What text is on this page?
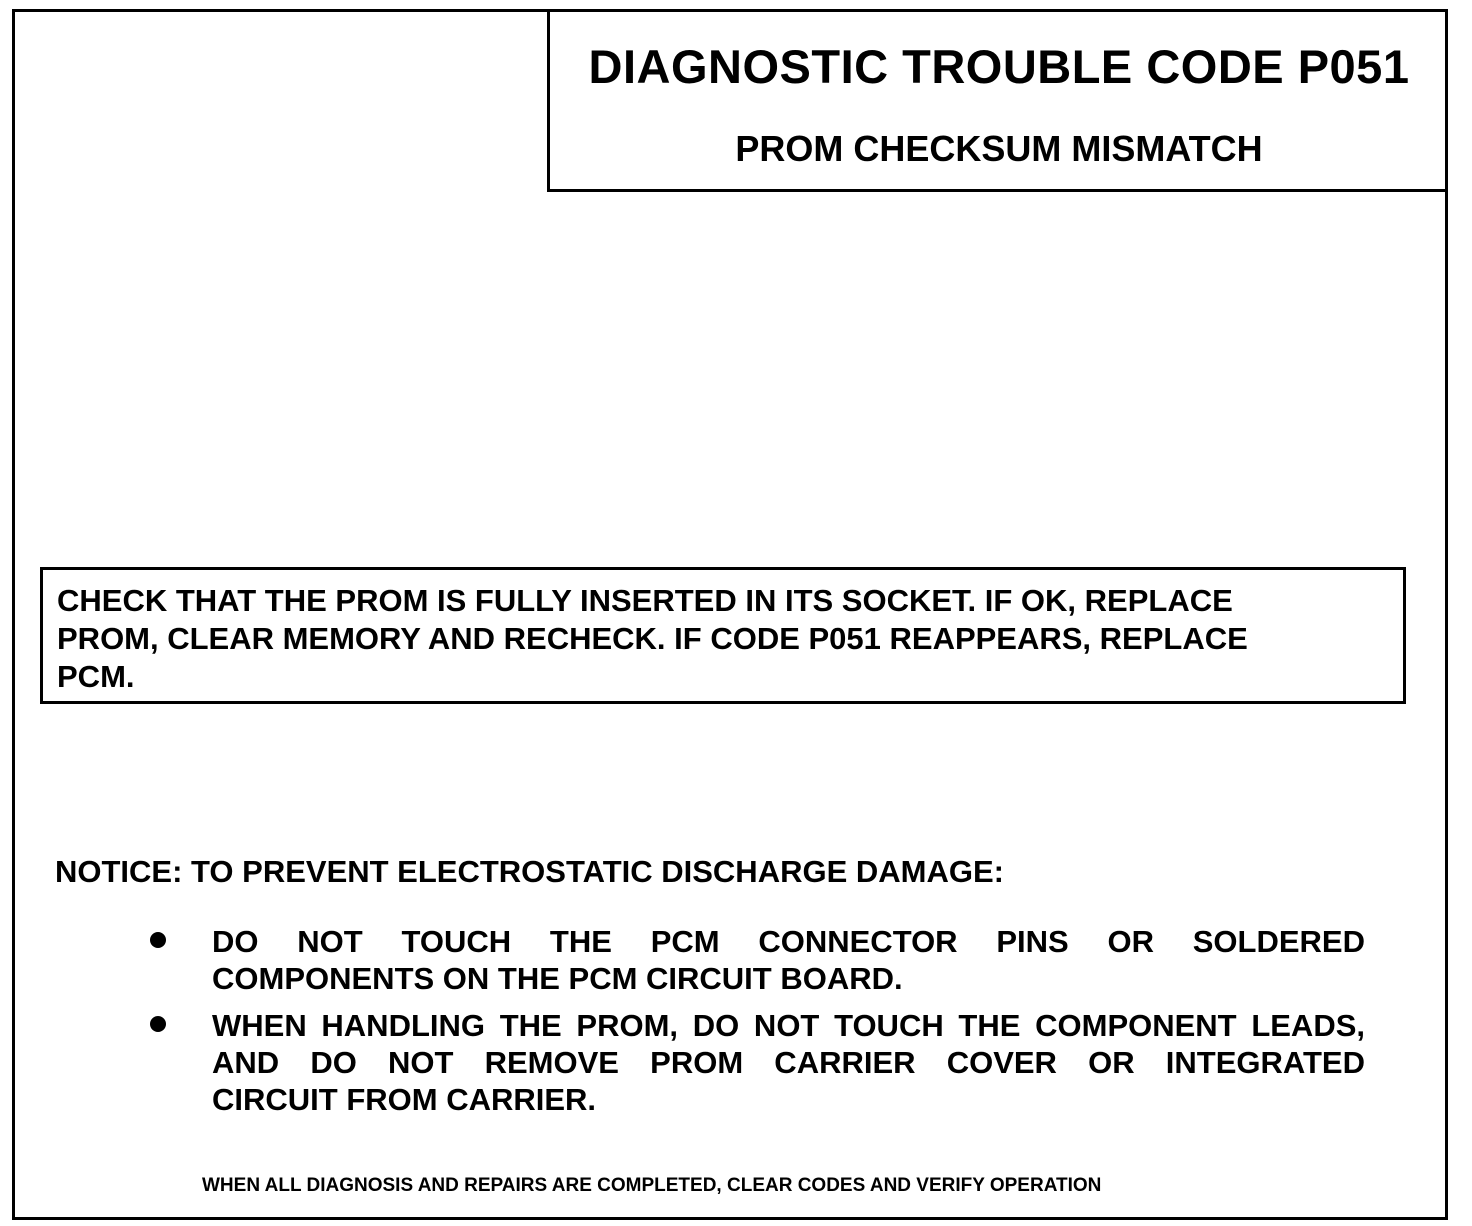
DIAGNOSTIC TROUBLE CODE P051
PROM CHECKSUM MISMATCH

CHECK THAT THE PROM IS FULLY INSERTED IN ITS SOCKET. IF OK, REPLACE

PROM, CLEAR MEMORY AND RECHECK. IF CODE P051 REAPPEARS, REPLACE

PCM.

NOTICE: TO PREVENT ELECTROSTATIC DISCHARGE DAMAGE:
DO NOT TOUCH THE PCM CONNECTOR PINS OR SOLDERED
COMPONENTS ON THE PCM CIRCUIT BOARD.
WHEN HANDLING THE PROM, DO NOT TOUCH THE COMPONENT LEADS,
AND DO NOT REMOVE PROM CARRIER COVER OR INTEGRATED
CIRCUIT FROM CARRIER.
WHEN ALL DIAGNOSIS AND REPAIRS ARE COMPLETED, CLEAR CODES AND VERIFY OPERATION
